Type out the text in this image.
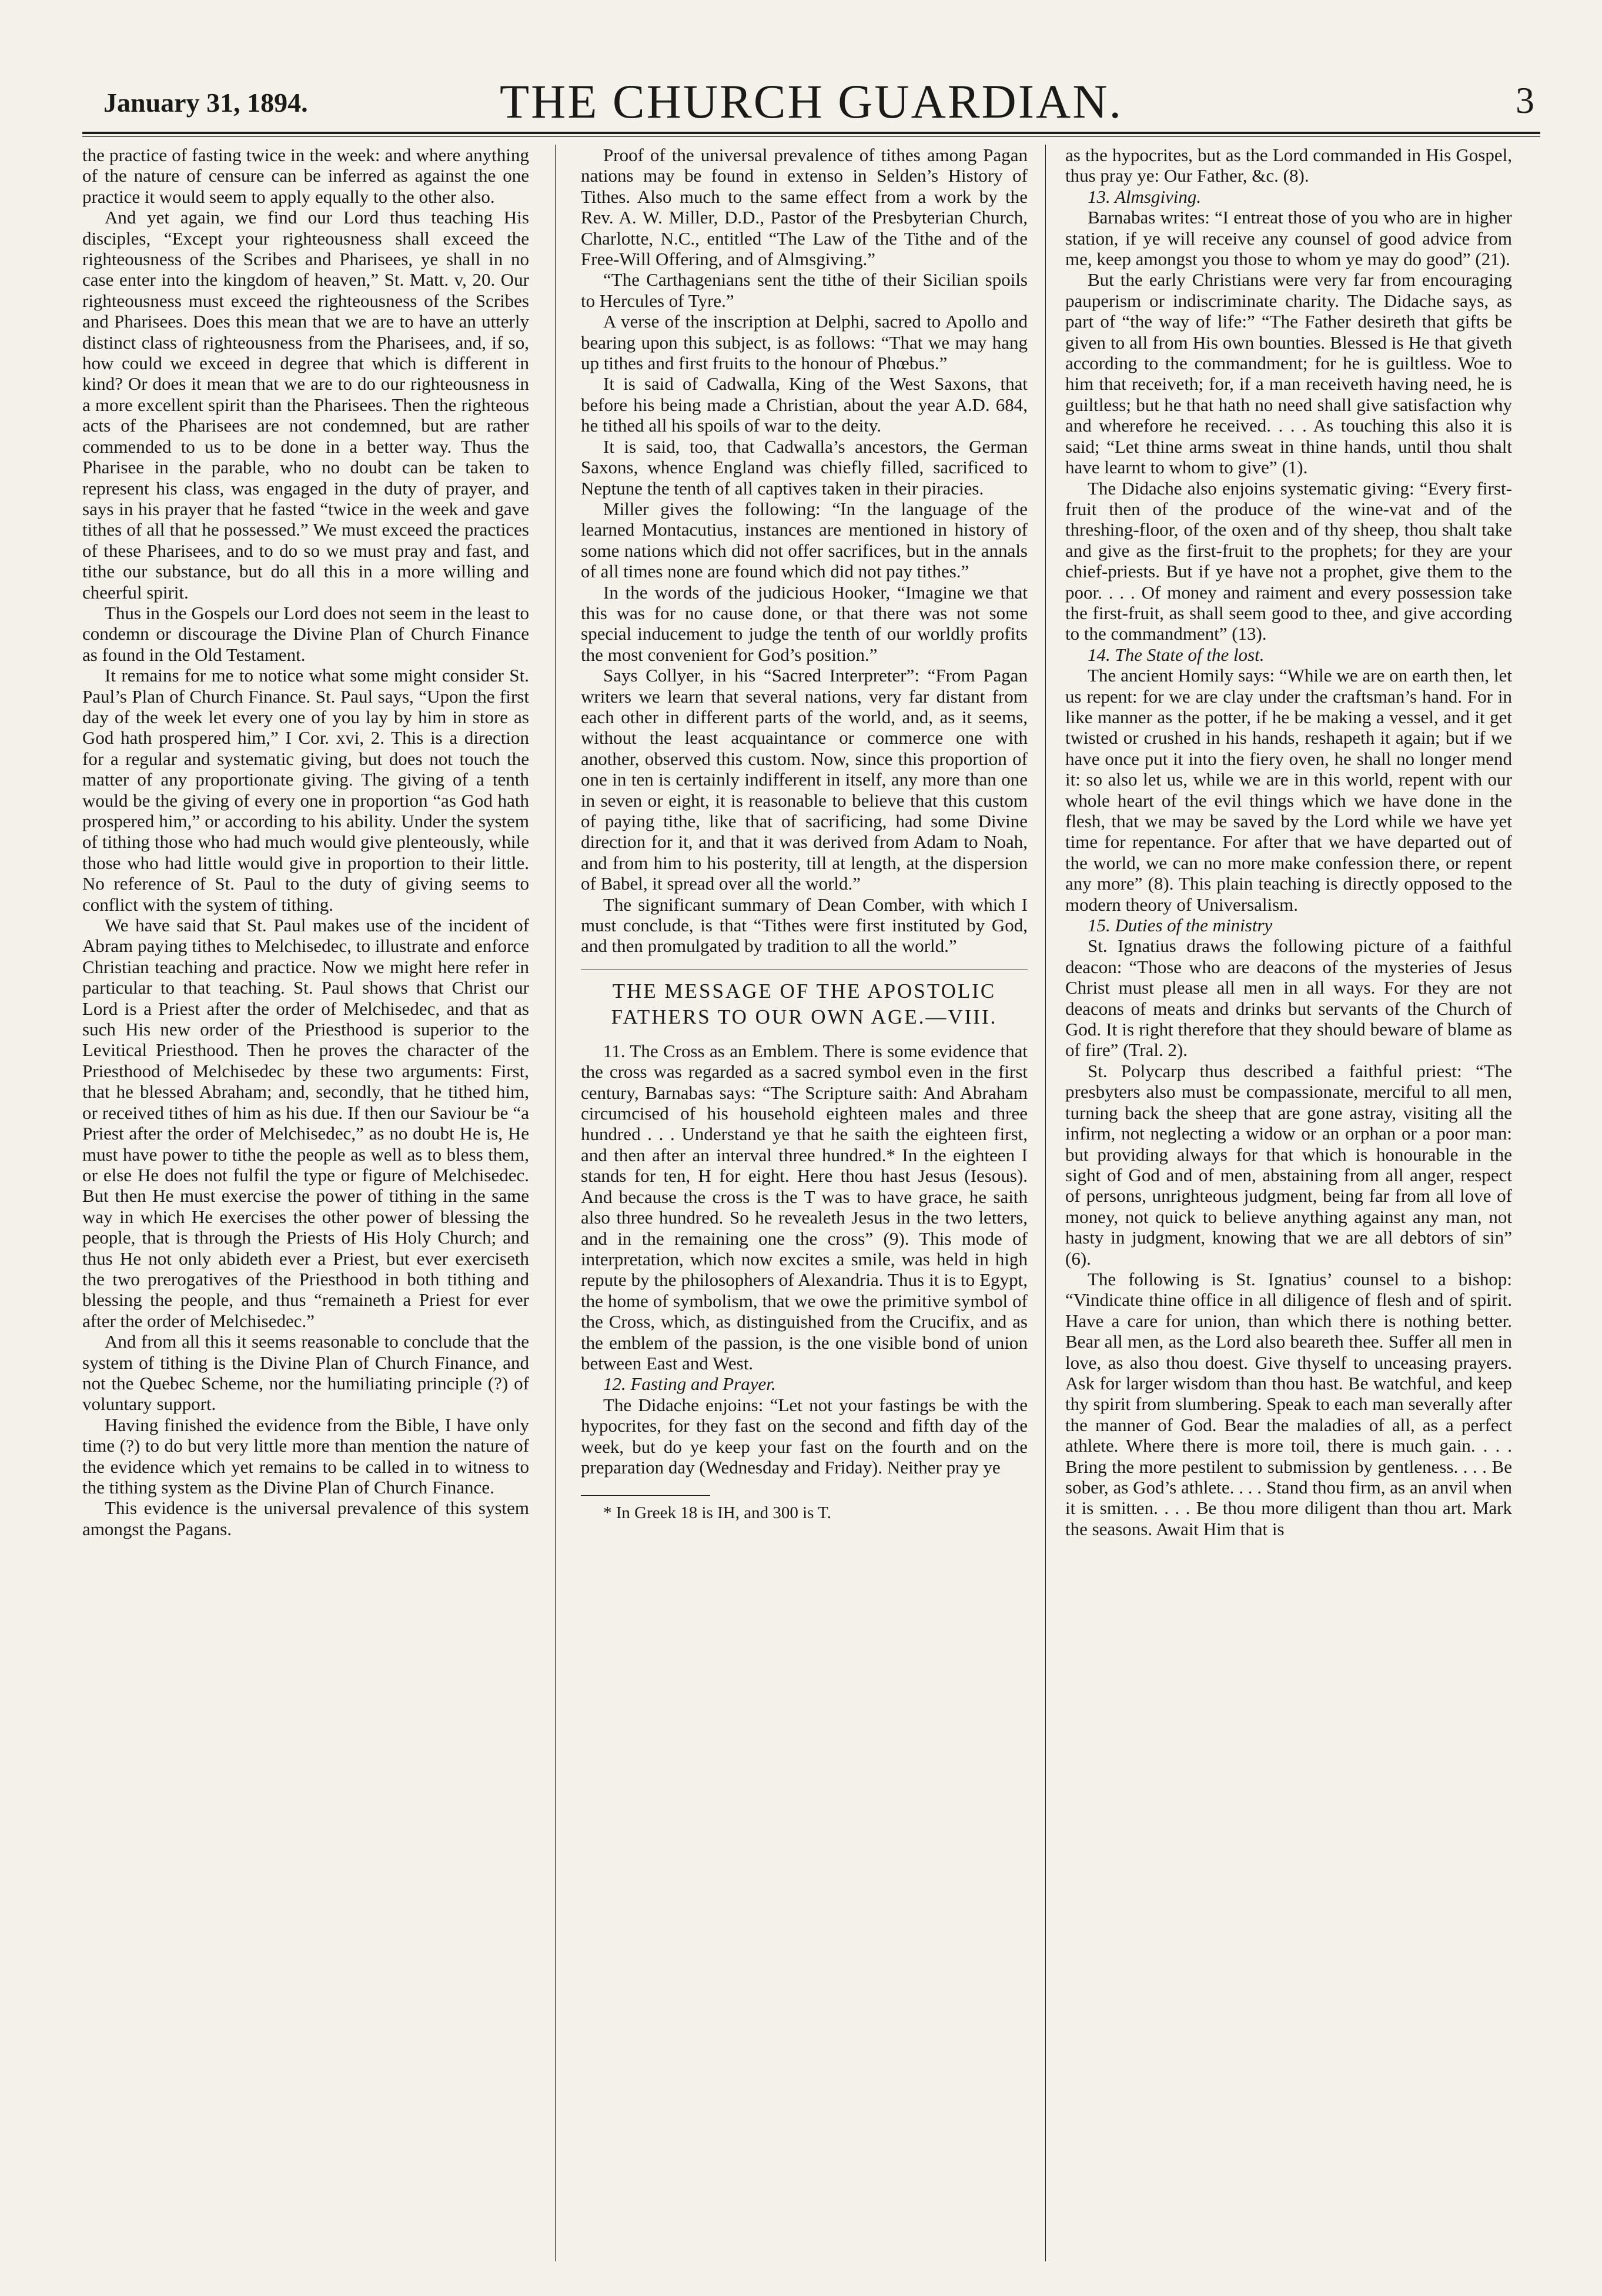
January 31, 1894.	THE CHURCH GUARDIAN.	3

the practice of fasting twice in the week: and where anything of the nature of censure can be inferred as against the one practice it would seem to apply equally to the other also.

And yet again, we find our Lord thus teaching His disciples, “Except your righteousness shall exceed the righteousness of the Scribes and Pharisees, ye shall in no case enter into the kingdom of heaven,” St. Matt. v, 20. Our righteousness must exceed the righteousness of the Scribes and Pharisees. Does this mean that we are to have an utterly distinct class of righteousness from the Pharisees, and, if so, how could we exceed in degree that which is different in kind? Or does it mean that we are to do our righteousness in a more excellent spirit than the Pharisees. Then the righteous acts of the Pharisees are not condemned, but are rather commended to us to be done in a better way. Thus the Pharisee in the parable, who no doubt can be taken to represent his class, was engaged in the duty of prayer, and says in his prayer that he fasted “twice in the week and gave tithes of all that he possessed.” We must exceed the practices of these Pharisees, and to do so we must pray and fast, and tithe our substance, but do all this in a more willing and cheerful spirit.

Thus in the Gospels our Lord does not seem in the least to condemn or discourage the Divine Plan of Church Finance as found in the Old Testament.

It remains for me to notice what some might consider St. Paul’s Plan of Church Finance. St. Paul says, “Upon the first day of the week let every one of you lay by him in store as God hath prospered him,” I Cor. xvi, 2. This is a direction for a regular and systematic giving, but does not touch the matter of any proportionate giving. The giving of a tenth would be the giving of every one in proportion “as God hath prospered him,” or according to his ability. Under the system of tithing those who had much would give plenteously, while those who had little would give in proportion to their little. No reference of St. Paul to the duty of giving seems to conflict with the system of tithing.

We have said that St. Paul makes use of the incident of Abram paying tithes to Melchisedec, to illustrate and enforce Christian teaching and practice. Now we might here refer in particular to that teaching. St. Paul shows that Christ our Lord is a Priest after the order of Melchisedec, and that as such His new order of the Priesthood is superior to the Levitical Priesthood. Then he proves the character of the Priesthood of Melchisedec by these two arguments: First, that he blessed Abraham; and, secondly, that he tithed him, or received tithes of him as his due. If then our Saviour be “a Priest after the order of Melchisedec,” as no doubt He is, He must have power to tithe the people as well as to bless them, or else He does not fulfil the type or figure of Melchisedec. But then He must exercise the power of tithing in the same way in which He exercises the other power of blessing the people, that is through the Priests of His Holy Church; and thus He not only abideth ever a Priest, but ever exerciseth the two prerogatives of the Priesthood in both tithing and blessing the people, and thus “remaineth a Priest for ever after the order of Melchisedec.”

And from all this it seems reasonable to conclude that the system of tithing is the Divine Plan of Church Finance, and not the Quebec Scheme, nor the humiliating principle (?) of voluntary support.

Having finished the evidence from the Bible, I have only time (?) to do but very little more than mention the nature of the evidence which yet remains to be called in to witness to the tithing system as the Divine Plan of Church Finance.

This evidence is the universal prevalence of this system amongst the Pagans.

Proof of the universal prevalence of tithes among Pagan nations may be found in extenso in Selden’s History of Tithes. Also much to the same effect from a work by the Rev. A. W. Miller, D.D., Pastor of the Presbyterian Church, Charlotte, N.C., entitled “The Law of the Tithe and of the Free-Will Offering, and of Almsgiving.”

“The Carthagenians sent the tithe of their Sicilian spoils to Hercules of Tyre.”

A verse of the inscription at Delphi, sacred to Apollo and bearing upon this subject, is as follows: “That we may hang up tithes and first fruits to the honour of Phœbus.”

It is said of Cadwalla, King of the West Saxons, that before his being made a Christian, about the year A.D. 684, he tithed all his spoils of war to the deity.

It is said, too, that Cadwalla’s ancestors, the German Saxons, whence England was chiefly filled, sacrificed to Neptune the tenth of all captives taken in their piracies.

Miller gives the following: “In the language of the learned Montacutius, instances are mentioned in history of some nations which did not offer sacrifices, but in the annals of all times none are found which did not pay tithes.”

In the words of the judicious Hooker, “Imagine we that this was for no cause done, or that there was not some special inducement to judge the tenth of our worldly profits the most convenient for God’s position.”

Says Collyer, in his “Sacred Interpreter”: “From Pagan writers we learn that several nations, very far distant from each other in different parts of the world, and, as it seems, without the least acquaintance or commerce one with another, observed this custom. Now, since this proportion of one in ten is certainly indifferent in itself, any more than one in seven or eight, it is reasonable to believe that this custom of paying tithe, like that of sacrificing, had some Divine direction for it, and that it was derived from Adam to Noah, and from him to his posterity, till at length, at the dispersion of Babel, it spread over all the world.”

The significant summary of Dean Comber, with which I must conclude, is that “Tithes were first instituted by God, and then promulgated by tradition to all the world.”

THE MESSAGE OF THE APOSTOLIC
FATHERS TO OUR OWN AGE.—VIII.

11. The Cross as an Emblem. There is some evidence that the cross was regarded as a sacred symbol even in the first century, Barnabas says: “The Scripture saith: And Abraham circumcised of his household eighteen males and three hundred . . . Understand ye that he saith the eighteen first, and then after an interval three hundred.* In the eighteen I stands for ten, H for eight. Here thou hast Jesus (Iesous). And because the cross is the T was to have grace, he saith also three hundred. So he revealeth Jesus in the two letters, and in the remaining one the cross” (9). This mode of interpretation, which now excites a smile, was held in high repute by the philosophers of Alexandria. Thus it is to Egypt, the home of symbolism, that we owe the primitive symbol of the Cross, which, as distinguished from the Crucifix, and as the emblem of the passion, is the one visible bond of union between East and West.

12. Fasting and Prayer.

The Didache enjoins: “Let not your fastings be with the hypocrites, for they fast on the second and fifth day of the week, but do ye keep your fast on the fourth and on the preparation day (Wednesday and Friday). Neither pray ye

* In Greek 18 is IH, and 300 is T.

as the hypocrites, but as the Lord commanded in His Gospel, thus pray ye: Our Father, &c. (8).

13. Almsgiving.

Barnabas writes: “I entreat those of you who are in higher station, if ye will receive any counsel of good advice from me, keep amongst you those to whom ye may do good” (21).

But the early Christians were very far from encouraging pauperism or indiscriminate charity. The Didache says, as part of “the way of life:” “The Father desireth that gifts be given to all from His own bounties. Blessed is He that giveth according to the commandment; for he is guiltless. Woe to him that receiveth; for, if a man receiveth having need, he is guiltless; but he that hath no need shall give satisfaction why and wherefore he received. . . . As touching this also it is said; “Let thine arms sweat in thine hands, until thou shalt have learnt to whom to give” (1).

The Didache also enjoins systematic giving: “Every first-fruit then of the produce of the wine-vat and of the threshing-floor, of the oxen and of thy sheep, thou shalt take and give as the first-fruit to the prophets; for they are your chief-priests. But if ye have not a prophet, give them to the poor. . . . Of money and raiment and every possession take the first-fruit, as shall seem good to thee, and give according to the commandment” (13).

14. The State of the lost.

The ancient Homily says: “While we are on earth then, let us repent: for we are clay under the craftsman’s hand. For in like manner as the potter, if he be making a vessel, and it get twisted or crushed in his hands, reshapeth it again; but if we have once put it into the fiery oven, he shall no longer mend it: so also let us, while we are in this world, repent with our whole heart of the evil things which we have done in the flesh, that we may be saved by the Lord while we have yet time for repentance. For after that we have departed out of the world, we can no more make confession there, or repent any more” (8). This plain teaching is directly opposed to the modern theory of Universalism.

15. Duties of the ministry

St. Ignatius draws the following picture of a faithful deacon: “Those who are deacons of the mysteries of Jesus Christ must please all men in all ways. For they are not deacons of meats and drinks but servants of the Church of God. It is right therefore that they should beware of blame as of fire” (Tral. 2).

St. Polycarp thus described a faithful priest: “The presbyters also must be compassionate, merciful to all men, turning back the sheep that are gone astray, visiting all the infirm, not neglecting a widow or an orphan or a poor man: but providing always for that which is honourable in the sight of God and of men, abstaining from all anger, respect of persons, unrighteous judgment, being far from all love of money, not quick to believe anything against any man, not hasty in judgment, knowing that we are all debtors of sin” (6).

The following is St. Ignatius’ counsel to a bishop: “Vindicate thine office in all diligence of flesh and of spirit. Have a care for union, than which there is nothing better. Bear all men, as the Lord also beareth thee. Suffer all men in love, as also thou doest. Give thyself to unceasing prayers. Ask for larger wisdom than thou hast. Be watchful, and keep thy spirit from slumbering. Speak to each man severally after the manner of God. Bear the maladies of all, as a perfect athlete. Where there is more toil, there is much gain. . . . Bring the more pestilent to submission by gentleness. . . . Be sober, as God’s athlete. . . . Stand thou firm, as an anvil when it is smitten. . . . Be thou more diligent than thou art. Mark the seasons. Await Him that is
